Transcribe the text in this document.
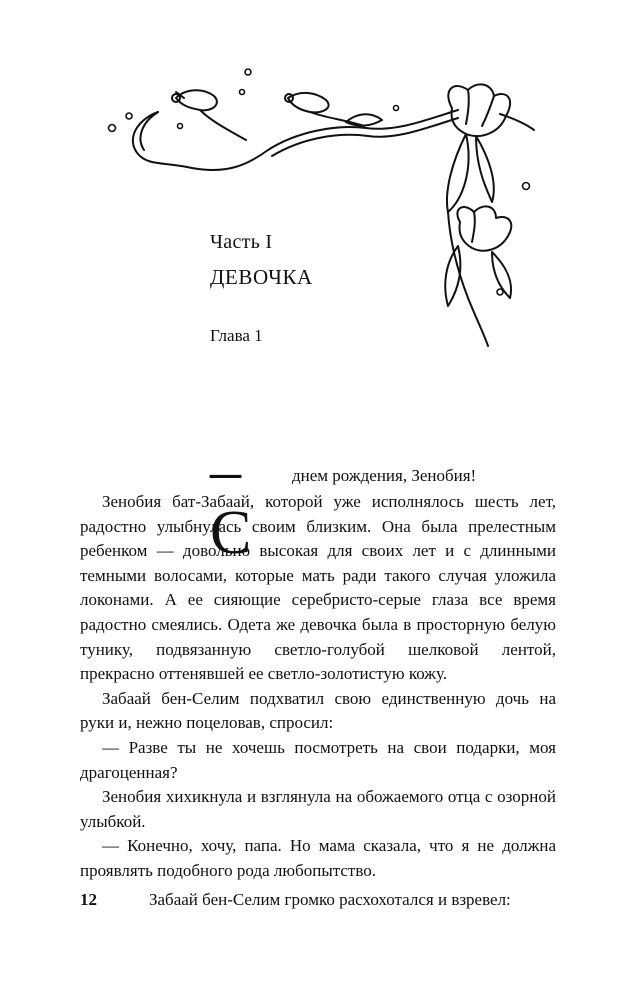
Часть I
ДЕВОЧКА
Глава 1
–С
днем рождения, Зенобия!

Зенобия бат-Забаай, которой уже исполнялось шесть лет, радостно улыбнулась своим близким. Она была прелестным ребенком — довольно высокая для своих лет и с длинными темными волосами, которые мать ради такого случая уложила локонами. А ее сияющие серебристо-серые глаза все время радостно смеялись. Одета же девочка была в просторную белую тунику, подвязанную светло-голубой шелковой лентой, прекрасно оттенявшей ее светло-золотистую кожу.

Забаай бен-Селим подхватил свою единственную дочь на руки и, нежно поцеловав, спросил:

— Разве ты не хочешь посмотреть на свои подарки, моя драгоценная?

Зенобия хихикнула и взглянула на обожаемого отца с озорной улыбкой.

— Конечно, хочу, папа. Но мама сказала, что я не должна проявлять подобного рода любопытство.

12	Забаай бен-Селим громко расхохотался и взревел:
